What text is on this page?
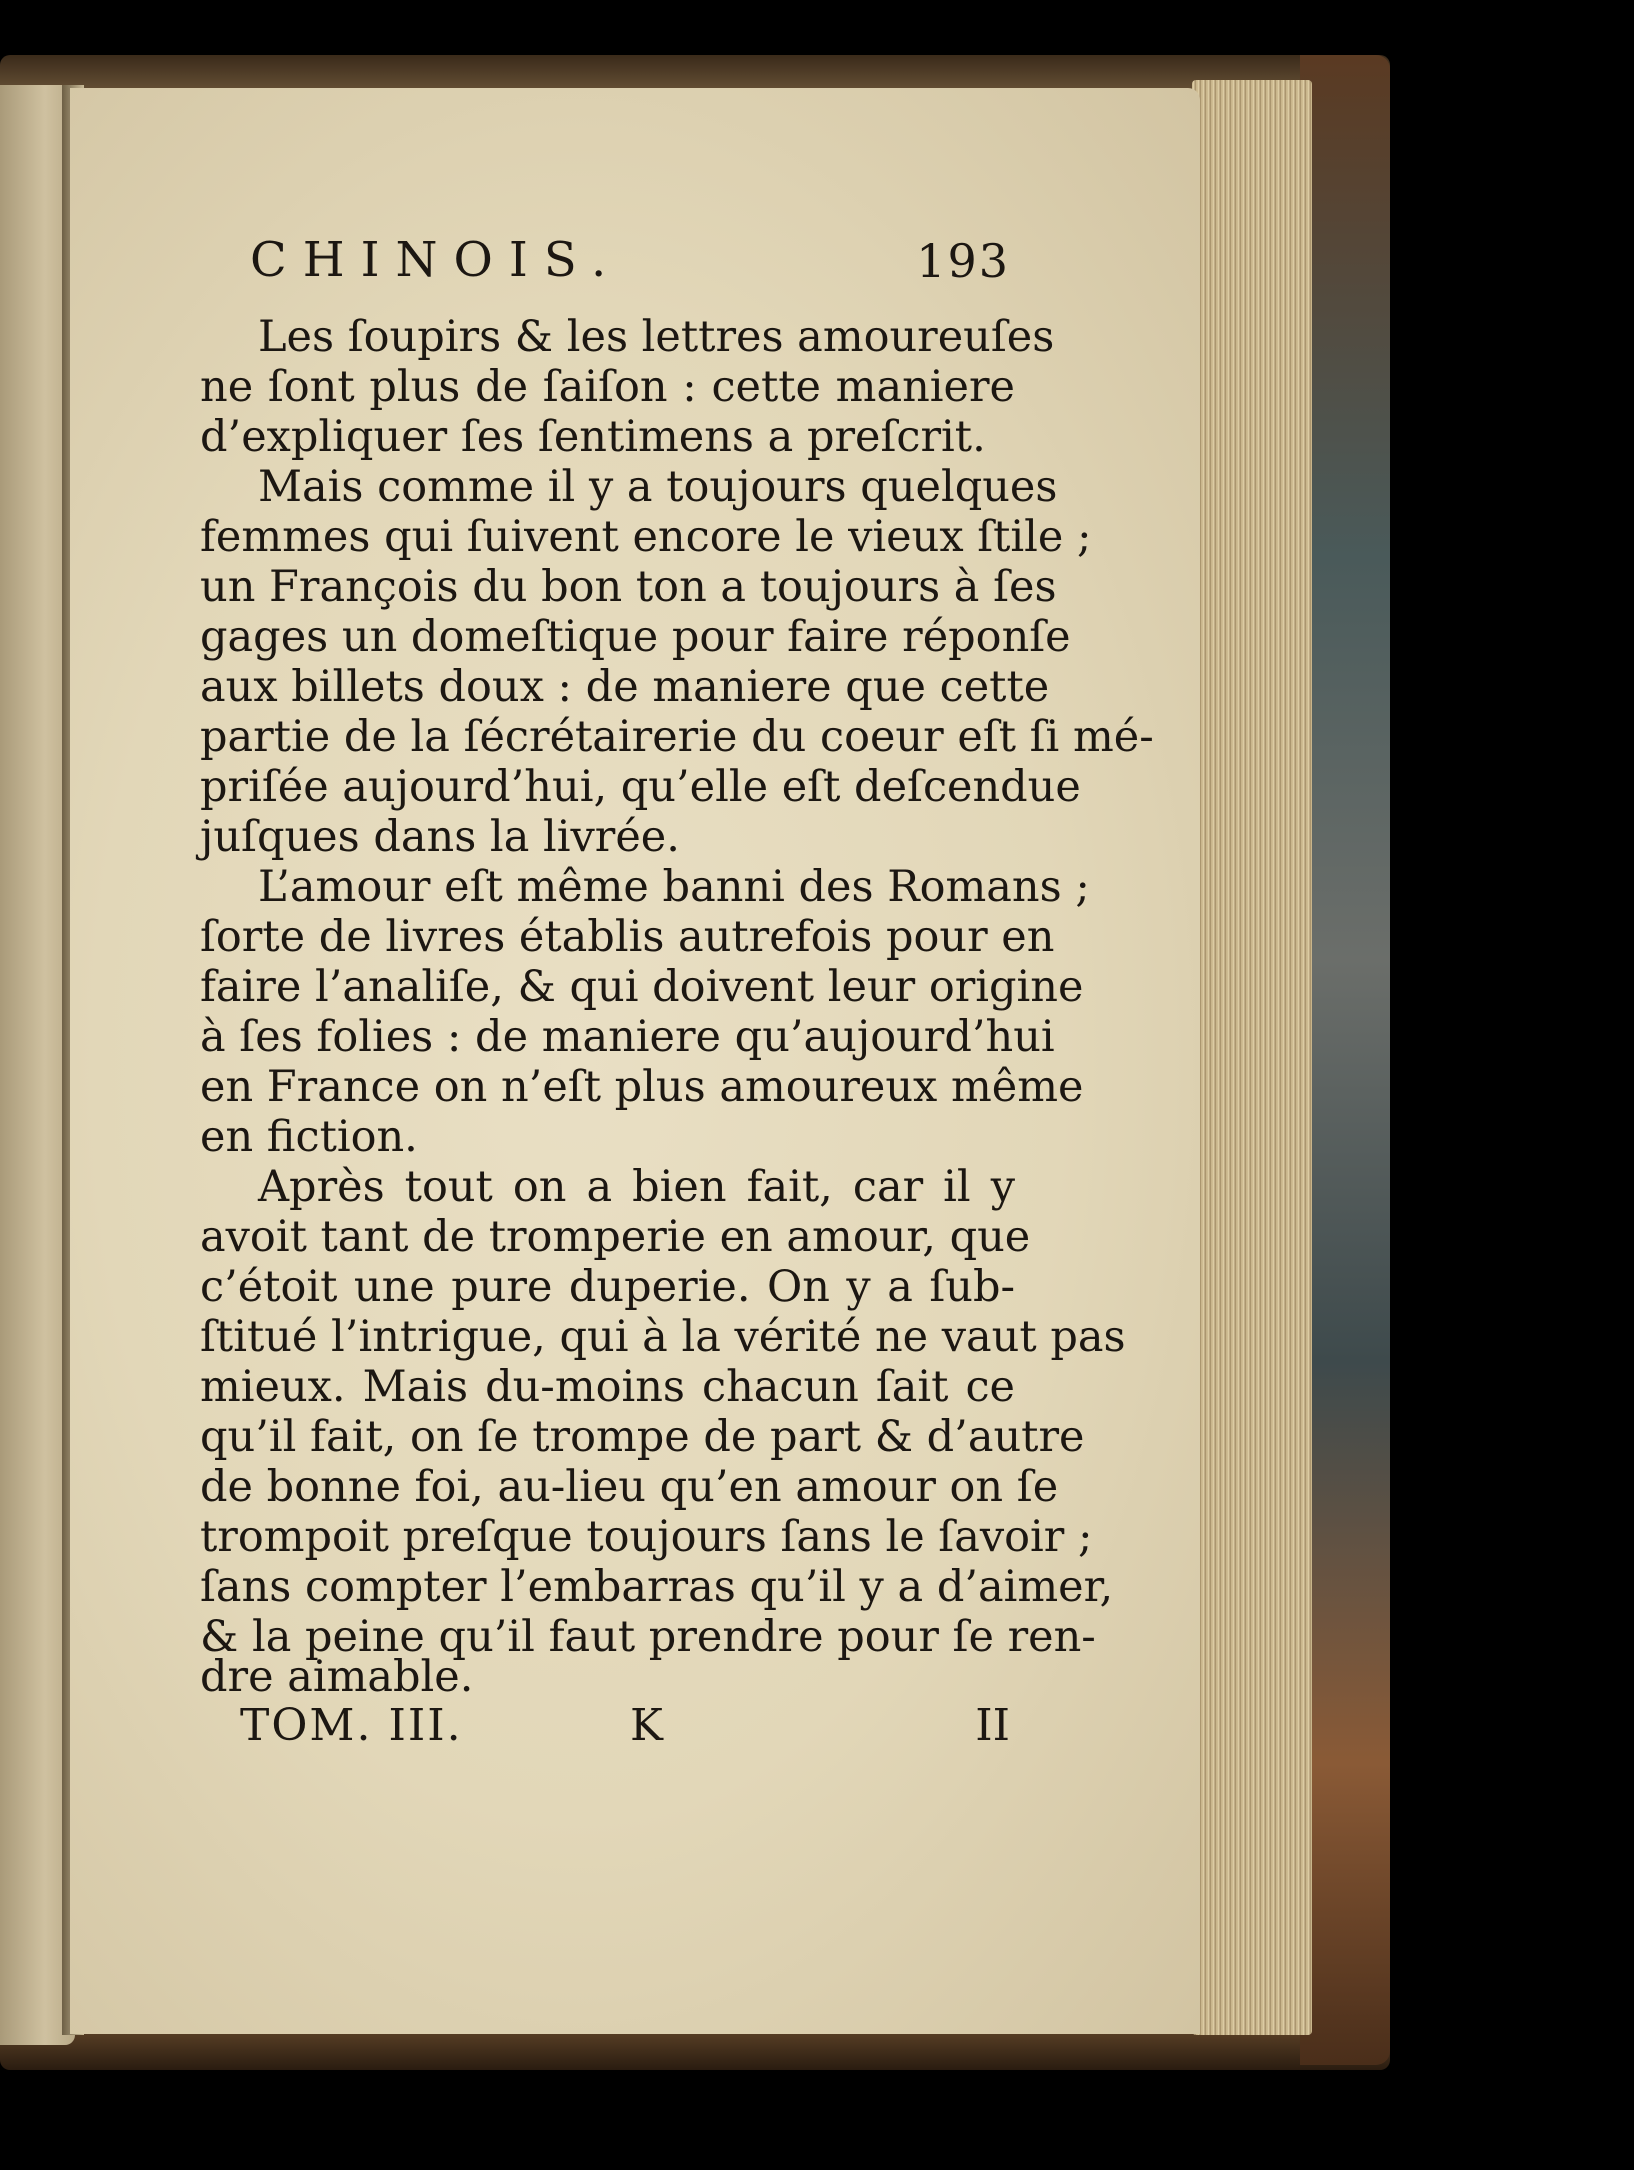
CHINOIS.	193
Les ſoupirs & les lettres amoureuſes
ne ſont plus de ſaiſon : cette maniere
d’expliquer ſes ſentimens a preſcrit.
Mais comme il y a toujours quelques
femmes qui ſuivent encore le vieux ſtile ;
un François du bon ton a toujours à ſes
gages un domeſtique pour faire réponſe
aux billets doux : de maniere que cette
partie de la ſécrétairerie du coeur eſt ſi mé-
priſée aujourd’hui, qu’elle eſt deſcendue
juſques dans la livrée.
L’amour eſt même banni des Romans ;
ſorte de livres établis autrefois pour en
faire l’analiſe, & qui doivent leur origine
à ſes folies : de maniere qu’aujourd’hui
en France on n’eſt plus amoureux même
en fiction.
Après tout on a bien fait, car il y
avoit tant de tromperie en amour, que
c’étoit une pure duperie. On y a ſub-
ſtitué l’intrigue, qui à la vérité ne vaut pas
mieux. Mais du-moins chacun ſait ce
qu’il fait, on ſe trompe de part & d’autre
de bonne foi, au-lieu qu’en amour on ſe
trompoit preſque toujours ſans le ſavoir ;
ſans compter l’embarras qu’il y a d’aimer,
& la peine qu’il faut prendre pour ſe ren-
dre aimable.
TOM. III.	K	II
